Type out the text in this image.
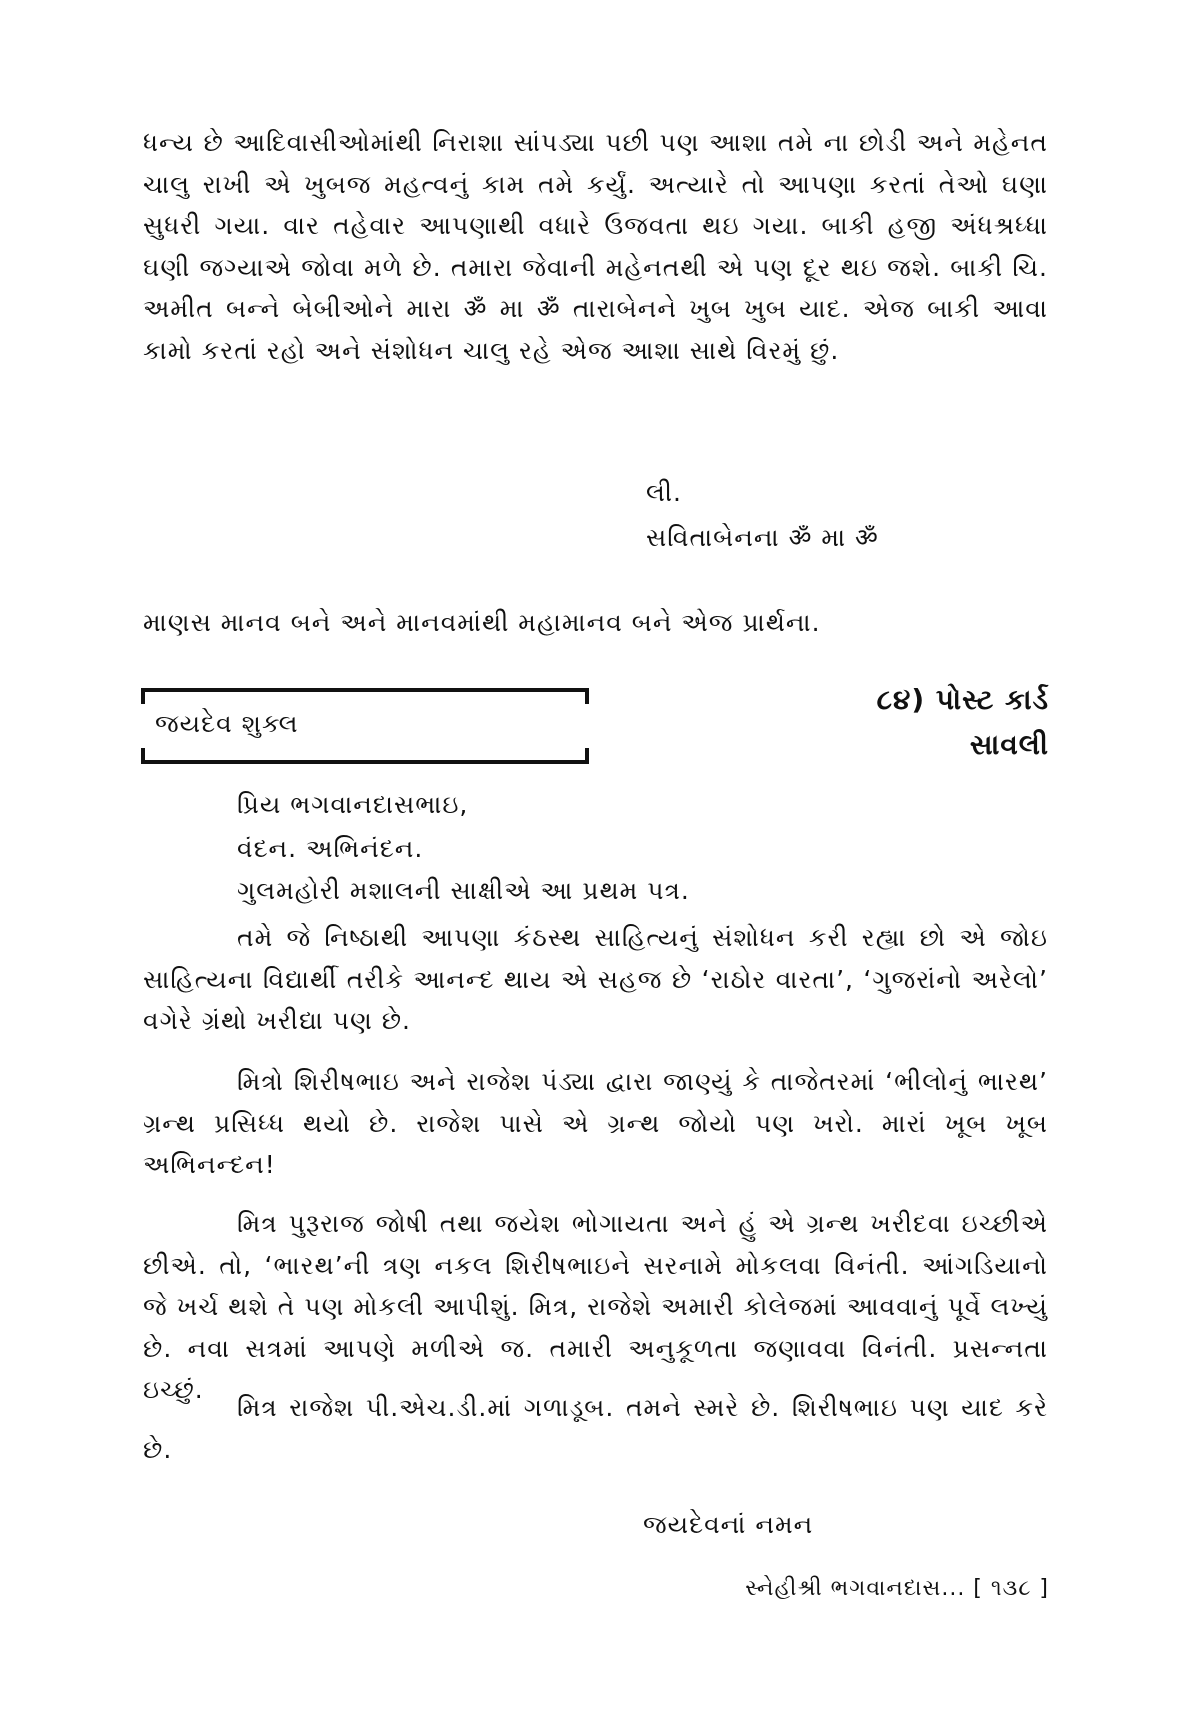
ધન્ય છે આદિવાસીઓમાંથી નિરાશા સાંપડ્યા પછી પણ આશા તમે ના છોડી અને મહેનત ચાલુ રાખી એ ખુબજ મહત્વનું કામ તમે કર્યું. અત્યારે તો આપણા કરતાં તેઓ ઘણા સુધરી ગયા. વાર તહેવાર આપણાથી વધારે ઉજવતા થઇ ગયા. બાકી હજી અંધશ્રધ્ધા ઘણી જગ્યાએ જોવા મળે છે. તમારા જેવાની મહેનતથી એ પણ દૂર થઇ જશે. બાકી ચિ. અમીત બન્ને બેબીઓને મારા ॐ મા ॐ તારાબેનને ખુબ ખુબ યાદ. એજ બાકી આવા કામો કરતાં રહો અને સંશોધન ચાલુ રહે એજ આશા સાથે વિરમું છું.

લી.
સવિતાબેનના ॐ મા ॐ
માણસ માનવ બને અને માનવમાંથી મહામાનવ બને એજ પ્રાર્થના.
જયદેવ શુક્લ
૮૪) પોસ્ટ કાર્ડ
સાવલી
પ્રિય ભગવાનદાસભાઇ,
વંદન. અભિનંદન.
ગુલમહોરી મશાલની સાક્ષીએ આ પ્રથમ પત્ર.

તમે જે નિષ્ઠાથી આપણા કંઠસ્થ સાહિત્યનું સંશોધન કરી રહ્યા છો એ જોઇ સાહિત્યના વિદ્યાર્થી તરીકે આનન્દ થાય એ સહજ છે ‘રાઠોર વારતા’, ‘ગુજરાંનો અરેલો’ વગેરે ગ્રંથો ખરીદ્યા પણ છે.

મિત્રો શિરીષભાઇ અને રાજેશ પંડ્યા દ્વારા જાણ્યું કે તાજેતરમાં ‘ભીલોનું ભારથ’ ગ્રન્થ પ્રસિધ્ધ થયો છે. રાજેશ પાસે એ ગ્રન્થ જોયો પણ ખરો. મારાં ખૂબ ખૂબ અભિનન્દન!

મિત્ર પુરૂરાજ જોષી તથા જયેશ ભોગાયતા અને હું એ ગ્રન્થ ખરીદવા ઇચ્છીએ છીએ. તો, ‘ભારથ’ની ત્રણ નકલ શિરીષભાઇને સરનામે મોકલવા વિનંતી. આંગડિયાનો જે ખર્ચ થશે તે પણ મોકલી આપીશું. મિત્ર, રાજેશે અમારી કોલેજમાં આવવાનું પૂર્વે લખ્યું છે. નવા સત્રમાં આપણે મળીએ જ. તમારી અનુકૂળતા જણાવવા વિનંતી. પ્રસન્નતા ઇચ્છું.

મિત્ર રાજેશ પી.એચ.ડી.માં ગળાડૂબ. તમને સ્મરે છે. શિરીષભાઇ પણ યાદ કરે છે.

જયદેવનાં નમન
સ્નેહીશ્રી ભગવાનદાસ... [ ૧૩૮ ]
